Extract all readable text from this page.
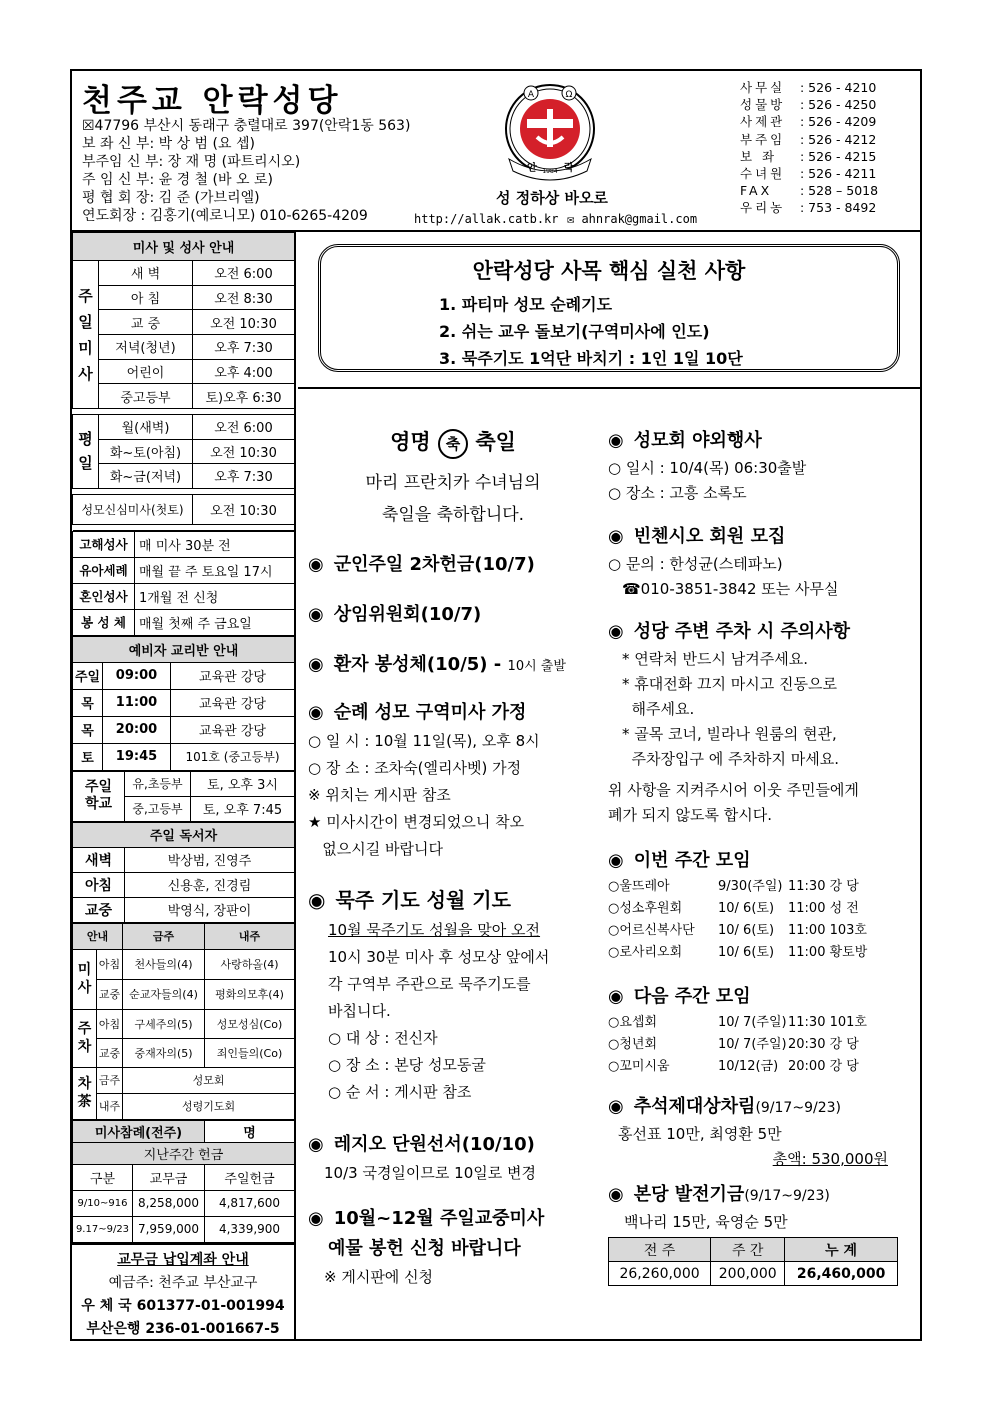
천주교 안락성당
☒47796 부산시 동래구 충렬대로 397(안락1동 563)
보 좌 신 부: 박 상 범 (요 셉)
부주임 신 부: 장 재 명 (파트리시오)
주 임 신 부: 윤 경 철 (바 오 로)
평 협 회 장: 김 준 (가브리엘)
연도회장 : 김홍기(예로니모) 010-6265-4209
A	Ω
안	락
1984
성 정하상 바오로
http://allak.catb.kr ✉ ahnrak@gmail.com
사무실	: 526 - 4210
성물방	: 526 - 4250
사제관	: 526 - 4209
부주임	: 526 - 4212
보 좌	: 526 - 4215
수녀원	: 526 - 4211
FAX	: 528 – 5018
우리농	: 753 - 8492
미사 및 성사 안내		
주
일
미
사	새 벽	오전 6:00
	아 침	오전 8:30
	교 중	오전 10:30
	저녁(청년)	오후 7:30
	어린이	오후 4:00
	중고등부	토)오후 6:30

평
일	월(새벽)	오전 6:00
	화~토(아침)	오전 10:30
	화~금(저녁)	오후 7:30

성모신심미사(첫토)		오전 10:30

고해성사	매 미사 30분 전
유아세례	매월 끝 주 토요일 17시
혼인성사	1개월 전 신청
봉 성 체	매월 첫째 주 금요일
예비자 교리반 안내		
주일	09:00	교육관 강당
목	11:00	교육관 강당
목	20:00	교육관 강당
토	19:45	101호 (중고등부)
주일
학교	유,초등부	토, 오후 3시
	중,고등부	토, 오후 7:45
주일 독서자	
새벽	박상범, 진영주
아침	신용훈, 진경림
교중	박영식, 장판이
안내		금주	내주
미
사	아침	천사들의(4)	사랑하올(4)
	교중	순교자들의(4)	평화의모후(4)
주
차	아침	구세주의(5)	성모성심(Co)
	교중	중재자의(5)	죄인들의(Co)
차
茶	금주	성모회	
	내주	성령기도회	
미사참례(전주)		명
지난주간 헌금		
구분	교무금	주일헌금
9/10~916	8,258,000	4,817,600
9.17~9/23	7,959,000	4,339,900
교무금 납입계좌 안내
예금주: 천주교 부산교구
우 체 국 601377-01-001994
부산은행 236-01-001667-5
안락성당 사목 핵심 실천 사항
1. 파티마 성모 순례기도
2. 쉬는 교우 돌보기(구역미사에 인도)
3. 묵주기도 1억단 바치기 : 1인 1일 10단
영명 축 축일
마리 프란치카 수녀님의
축일을 축하합니다.
◉ 군인주일 2차헌금(10/7)
◉ 상임위원회(10/7)
◉ 환자 봉성체(10/5) - 10시 출발
◉ 순례 성모 구역미사 가정
○ 일 시 : 10월 11일(목), 오후 8시
○ 장 소 : 조차숙(엘리사벳) 가정
※ 위치는 게시판 참조
★ 미사시간이 변경되었으니 착오
없으시길 바랍니다
◉ 묵주 기도 성월 기도
10월 묵주기도 성월을 맞아 오전
10시 30분 미사 후 성모상 앞에서
각 구역부 주관으로 묵주기도를
바칩니다.
○ 대 상 : 전신자
○ 장 소 : 본당 성모동굴
○ 순 서 : 게시판 참조
◉ 레지오 단원선서(10/10)
10/3 국경일이므로 10일로 변경
◉ 10월~12월 주일교중미사
예물 봉헌 신청 바랍니다
※ 게시판에 신청
◉ 성모회 야외행사
○ 일시 : 10/4(목) 06:30출발
○ 장소 : 고흥 소록도
◉ 빈첸시오 회원 모집
○ 문의 : 한성균(스테파노)
☎010-3851-3842 또는 사무실
◉ 성당 주변 주차 시 주의사항
* 연락처 반드시 남겨주세요.
* 휴대전화 끄지 마시고 진동으로
해주세요.
* 골목 코너, 빌라나 원룸의 현관,
주차장입구 에 주차하지 마세요.
위 사항을 지켜주시어 이웃 주민들에게
폐가 되지 않도록 합시다.
◉ 이번 주간 모임
○울뜨레아	9/30(주일) 11:30 강 당
○성소후원회	10/ 6(토)	11:00 성 전
○어르신복사단	10/ 6(토)	11:00 103호
○로사리오회	10/ 6(토)	11:00 황토방
◉ 다음 주간 모임
○요셉회	10/ 7(주일) 11:30 101호
○청년회	10/ 7(주일) 20:30 강 당
○꼬미시움	10/12(금) 20:00 강 당
◉ 추석제대상차림(9/17~9/23)
홍선표 10만, 최영환 5만
총액: 530,000원
◉ 본당 발전기금(9/17~9/23)
백나리 15만, 육영순 5만
전 주	주 간	누 계
26,260,000	200,000	26,460,000
